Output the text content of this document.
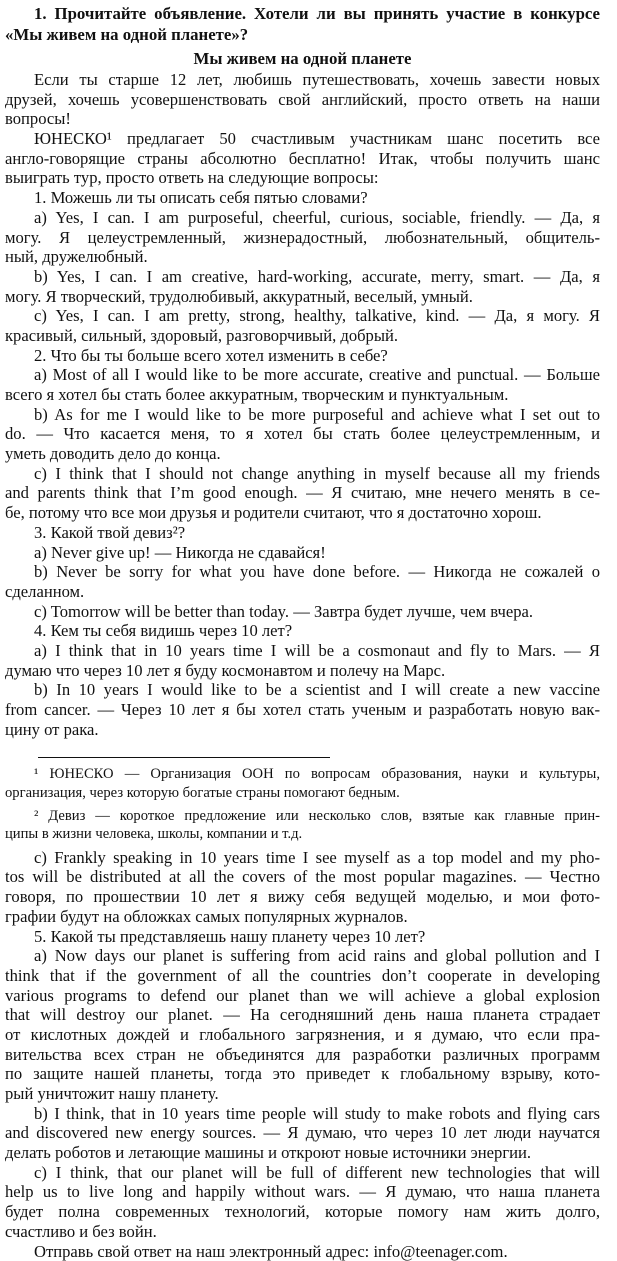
1. Прочитайте объявление. Хотели ли вы принять участие в конкурсе
«Мы живем на одной планете»?
Мы живем на одной планете
Если ты старше 12 лет, любишь путешествовать, хочешь завести новых
друзей, хочешь усовершенствовать свой английский, просто ответь на наши
вопросы!
ЮНЕСКО¹ предлагает 50 счастливым участникам шанс посетить все
англо-говорящие страны абсолютно бесплатно! Итак, чтобы получить шанс
выиграть тур, просто ответь на следующие вопросы:
1. Можешь ли ты описать себя пятью словами?
a) Yes, I can. I am purposeful, cheerful, curious, sociable, friendly. — Да, я
могу. Я целеустремленный, жизнерадостный, любознательный, общитель-
ный, дружелюбный.
b) Yes, I can. I am creative, hard-working, accurate, merry, smart. — Да, я
могу. Я творческий, трудолюбивый, аккуратный, веселый, умный.
c) Yes, I can. I am pretty, strong, healthy, talkative, kind. — Да, я могу. Я
красивый, сильный, здоровый, разговорчивый, добрый.
2. Что бы ты больше всего хотел изменить в себе?
a) Most of all I would like to be more accurate, creative and punctual. — Больше
всего я хотел бы стать более аккуратным, творческим и пунктуальным.
b) As for me I would like to be more purposeful and achieve what I set out to
do. — Что касается меня, то я хотел бы стать более целеустремленным, и
уметь доводить дело до конца.
c) I think that I should not change anything in myself because all my friends
and parents think that I’m good enough. — Я считаю, мне нечего менять в се-
бе, потому что все мои друзья и родители считают, что я достаточно хорош.
3. Какой твой девиз²?
a) Never give up! — Никогда не сдавайся!
b) Never be sorry for what you have done before. — Никогда не сожалей о
сделанном.
c) Tomorrow will be better than today. — Завтра будет лучше, чем вчера.
4. Кем ты себя видишь через 10 лет?
a) I think that in 10 years time I will be a cosmonaut and fly to Mars. — Я
думаю что через 10 лет я буду космонавтом и полечу на Марс.
b) In 10 years I would like to be a scientist and I will create a new vaccine
from cancer. — Через 10 лет я бы хотел стать ученым и разработать новую вак-
цину от рака.
¹ ЮНЕСКО — Организация ООН по вопросам образования, науки и культуры,
организация, через которую богатые страны помогают бедным.
² Девиз — короткое предложение или несколько слов, взятые как главные прин-
ципы в жизни человека, школы, компании и т.д.
c) Frankly speaking in 10 years time I see myself as a top model and my pho-
tos will be distributed at all the covers of the most popular magazines. — Честно
говоря, по прошествии 10 лет я вижу себя ведущей моделью, и мои фото-
графии будут на обложках самых популярных журналов.
5. Какой ты представляешь нашу планету через 10 лет?
a) Now days our planet is suffering from acid rains and global pollution and I
think that if the government of all the countries don’t cooperate in developing
various programs to defend our planet than we will achieve a global explosion
that will destroy our planet. — На сегодняшний день наша планета страдает
от кислотных дождей и глобального загрязнения, и я думаю, что если пра-
вительства всех стран не объединятся для разработки различных программ
по защите нашей планеты, тогда это приведет к глобальному взрыву, кото-
рый уничтожит нашу планету.
b) I think, that in 10 years time people will study to make robots and flying cars
and discovered new energy sources. — Я думаю, что через 10 лет люди научатся
делать роботов и летающие машины и откроют новые источники энергии.
c) I think, that our planet will be full of different new technologies that will
help us to live long and happily without wars. — Я думаю, что наша планета
будет полна современных технологий, которые помогу нам жить долго,
счастливо и без войн.
Отправь свой ответ на наш электронный адрес: info@teenager.com.
